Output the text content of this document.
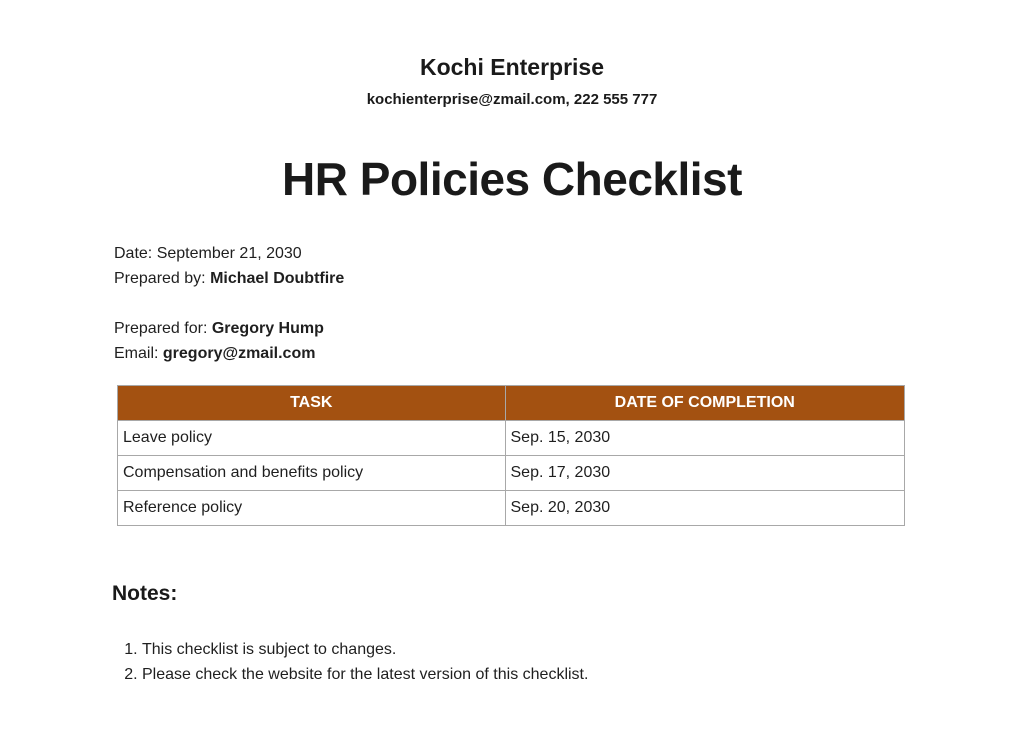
Kochi Enterprise
kochienterprise@zmail.com, 222 555 777
HR Policies Checklist
Date: September 21, 2030
Prepared by: Michael Doubtfire
Prepared for: Gregory Hump
Email: gregory@zmail.com
TASK	DATE OF COMPLETION
Leave policy	Sep. 15, 2030
Compensation and benefits policy	Sep. 17, 2030
Reference policy	Sep. 20, 2030
Notes:
1. This checklist is subject to changes.
2. Please check the website for the latest version of this checklist.
